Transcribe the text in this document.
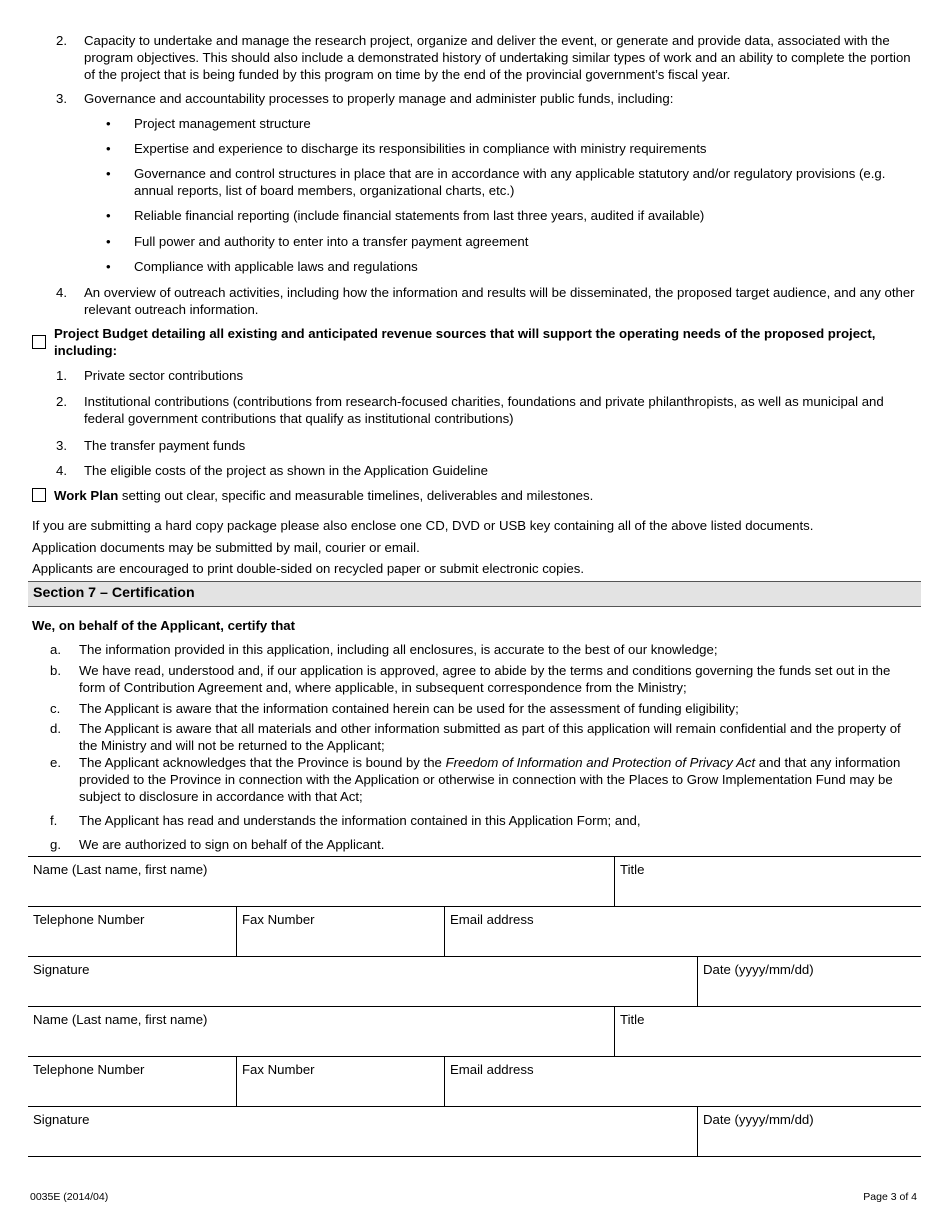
2. Capacity to undertake and manage the research project, organize and deliver the event, or generate and provide data, associated with the program objectives. This should also include a demonstrated history of undertaking similar types of work and an ability to complete the portion of the project that is being funded by this program on time by the end of the provincial government’s fiscal year.
3. Governance and accountability processes to properly manage and administer public funds, including:
• Project management structure
• Expertise and experience to discharge its responsibilities in compliance with ministry requirements
• Governance and control structures in place that are in accordance with any applicable statutory and/or regulatory provisions (e.g. annual reports, list of board members, organizational charts, etc.)
• Reliable financial reporting (include financial statements from last three years, audited if available)
• Full power and authority to enter into a transfer payment agreement
• Compliance with applicable laws and regulations
4. An overview of outreach activities, including how the information and results will be disseminated, the proposed target audience, and any other relevant outreach information.
Project Budget detailing all existing and anticipated revenue sources that will support the operating needs of the proposed project, including:
1. Private sector contributions
2. Institutional contributions (contributions from research-focused charities, foundations and private philanthropists, as well as municipal and federal government contributions that qualify as institutional contributions)
3. The transfer payment funds
4. The eligible costs of the project as shown in the Application Guideline
Work Plan setting out clear, specific and measurable timelines, deliverables and milestones.
If you are submitting a hard copy package please also enclose one CD, DVD or USB key containing all of the above listed documents.
Application documents may be submitted by mail, courier or email.
Applicants are encouraged to print double-sided on recycled paper or submit electronic copies.
Section 7 – Certification
We, on behalf of the Applicant, certify that
a. The information provided in this application, including all enclosures, is accurate to the best of our knowledge;
b. We have read, understood and, if our application is approved, agree to abide by the terms and conditions governing the funds set out in the form of Contribution Agreement and, where applicable, in subsequent correspondence from the Ministry;
c. The Applicant is aware that the information contained herein can be used for the assessment of funding eligibility;
d. The Applicant is aware that all materials and other information submitted as part of this application will remain confidential and the property of the Ministry and will not be returned to the Applicant;
e. The Applicant acknowledges that the Province is bound by the Freedom of Information and Protection of Privacy Act and that any information provided to the Province in connection with the Application or otherwise in connection with the Places to Grow Implementation Fund may be subject to disclosure in accordance with that Act;
f. The Applicant has read and understands the information contained in this Application Form; and,
g. We are authorized to sign on behalf of the Applicant.
Name (Last name, first name)	Title
Telephone Number	Fax Number	Email address
Signature	Date (yyyy/mm/dd)
Name (Last name, first name)	Title
Telephone Number	Fax Number	Email address
Signature	Date (yyyy/mm/dd)
0035E (2014/04)	Page 3 of 4
